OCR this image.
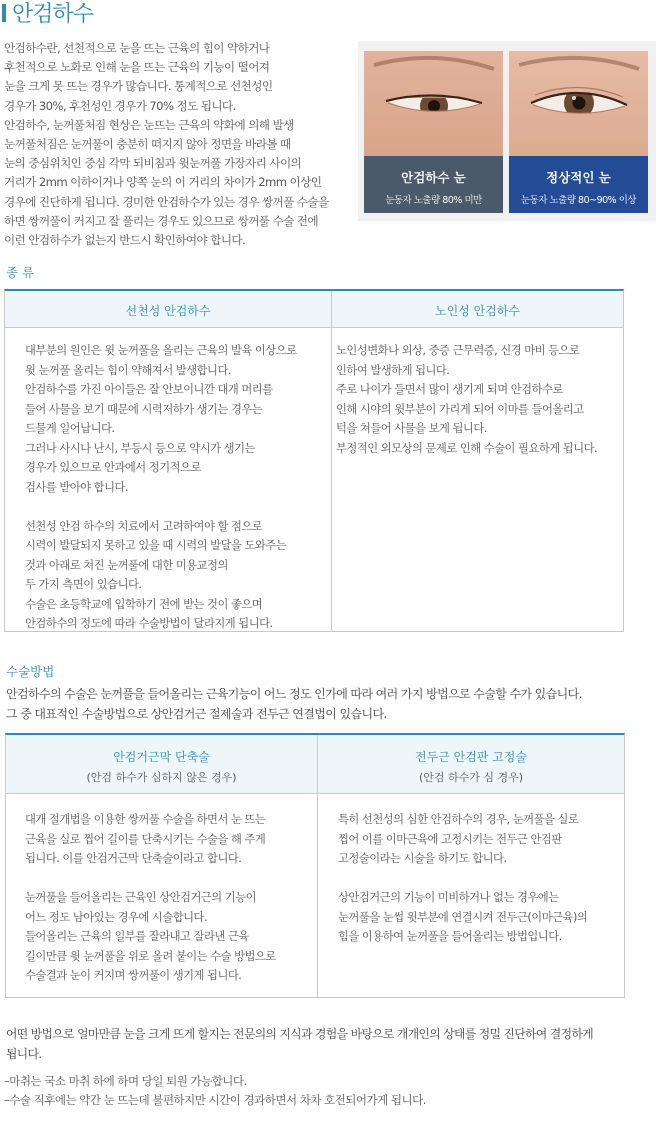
안검하수

안검하수란, 선천적으로 눈을 뜨는 근육의 힘이 약하거나

후천적으로 노화로 인해 눈을 뜨는 근육의 기능이 떨어져

눈을 크게 못 뜨는 경우가 많습니다. 통계적으로 선천성인

경우가 30%, 후천성인 경우가 70% 정도 됩니다.

안검하수, 눈꺼풀처짐 현상은 눈뜨는 근육의 약화에 의해 발생

눈꺼풀처짐은 눈꺼풀이 충분히 떠지지 않아 정면을 바라볼 때

눈의 중심위치인 중심 각막 되비침과 윗눈꺼풀 가장자리 사이의

거리가 2mm 이하이거나 양쪽 눈의 이 거리의 차이가 2mm 이상인

경우에 진단하게 됩니다. 경미한 안검하수가 있는 경우 쌍꺼풀 수술을

하면 쌍꺼풀이 커지고 잘 풀리는 경우도 있으므로 쌍꺼풀 수술 전에

이런 안검하수가 없는지 반드시 확인하여야 합니다.

안검하수 눈
눈동자 노출량 80% 미만
정상적인 눈
눈동자 노출량 80~90% 이상
종 류
선천성 안검하수	노인성 안검하수

대부분의 원인은 윗 눈꺼풀을 올리는 근육의 발육 이상으로

윗 눈꺼풀 올리는 힘이 약해져서 발생합니다.

안검하수를 가진 아이들은 잘 안보이니깐 대개 머리를

들어 사물을 보기 때문에 시력저하가 생기는 경우는

드물게 일어납니다.

그러나 사시나 난시, 부등시 등으로 약시가 생기는

경우가 있으므로 안과에서 정기적으로

검사를 받아야 합니다.

선천성 안검 하수의 치료에서 고려하여야 할 점으로

시력이 발달되지 못하고 있을 때 시력의 발달을 도와주는

것과 아래로 쳐진 눈꺼풀에 대한 미용교정의

두 가지 측면이 있습니다.

수술은 초등학교에 입학하기 전에 받는 것이 좋으며

안검하수의 정도에 따라 수술방법이 달라지게 됩니다.

노인성변화나 외상, 중증 근무력증, 신경 마비 등으로

인하여 발생하게 됩니다.

주로 나이가 들면서 많이 생기게 되며 안검하수로

인해 시야의 윗부분이 가리게 되어 이마를 들어올리고

턱을 쳐들어 사물을 보게 됩니다.

부정적인 외모상의 문제로 인해 수술이 필요하게 됩니다.

수술방법
안검하수의 수술은 눈꺼풀을 들어올리는 근육기능이 어느 정도 인가에 따라 여러 가지 방법으로 수술할 수가 있습니다.
그 중 대표적인 수술방법으로 상안검거근 절제술과 전두근 연결법이 있습니다.
안검거근막 단축술
(안검 하수가 심하지 않은 경우)
전두근 안검판 고정술
(안검 하수가 심 경우)

대개 절개법을 이용한 쌍꺼풀 수술을 하면서 눈 뜨는

근육을 실로 찝어 길이를 단축시키는 수술을 해 주게

됩니다. 이를 안검거근막 단축술이라고 합니다.

눈꺼풀을 들어올리는 근육인 상안검거근의 기능이

어느 정도 남아있는 경우에 시술합니다.

들어올리는 근육의 일부를 잘라내고 잘라낸 근육

길이만큼 윗 눈꺼풀을 위로 올려 붙이는 수술 방법으로

수술결과 눈이 커지며 쌍꺼풀이 생기게 됩니다.

특히 선천성의 심한 안검하수의 경우, 눈꺼풀을 실로

찝어 이를 이마근육에 고정시키는 전두근 안검판

고정술이라는 시술을 하기도 합니다.

상안검거근의 기능이 미비하거나 없는 경우에는

눈꺼풀을 눈썹 윗부분에 연결시켜 전두근(이마근육)의

힘을 이용하여 눈꺼풀을 들어올리는 방법입니다.

어떤 방법으로 얼마만큼 눈을 크게 뜨게 할지는 전문의의 지식과 경험을 바탕으로 개개인의 상태를 정밀 진단하여 결정하게
됩니다.
–마취는 국소 마취 하에 하며 당일 퇴원 가능합니다.
–수술 직후에는 약간 눈 뜨는데 불편하지만 시간이 경과하면서 차차 호전되어가게 됩니다.
